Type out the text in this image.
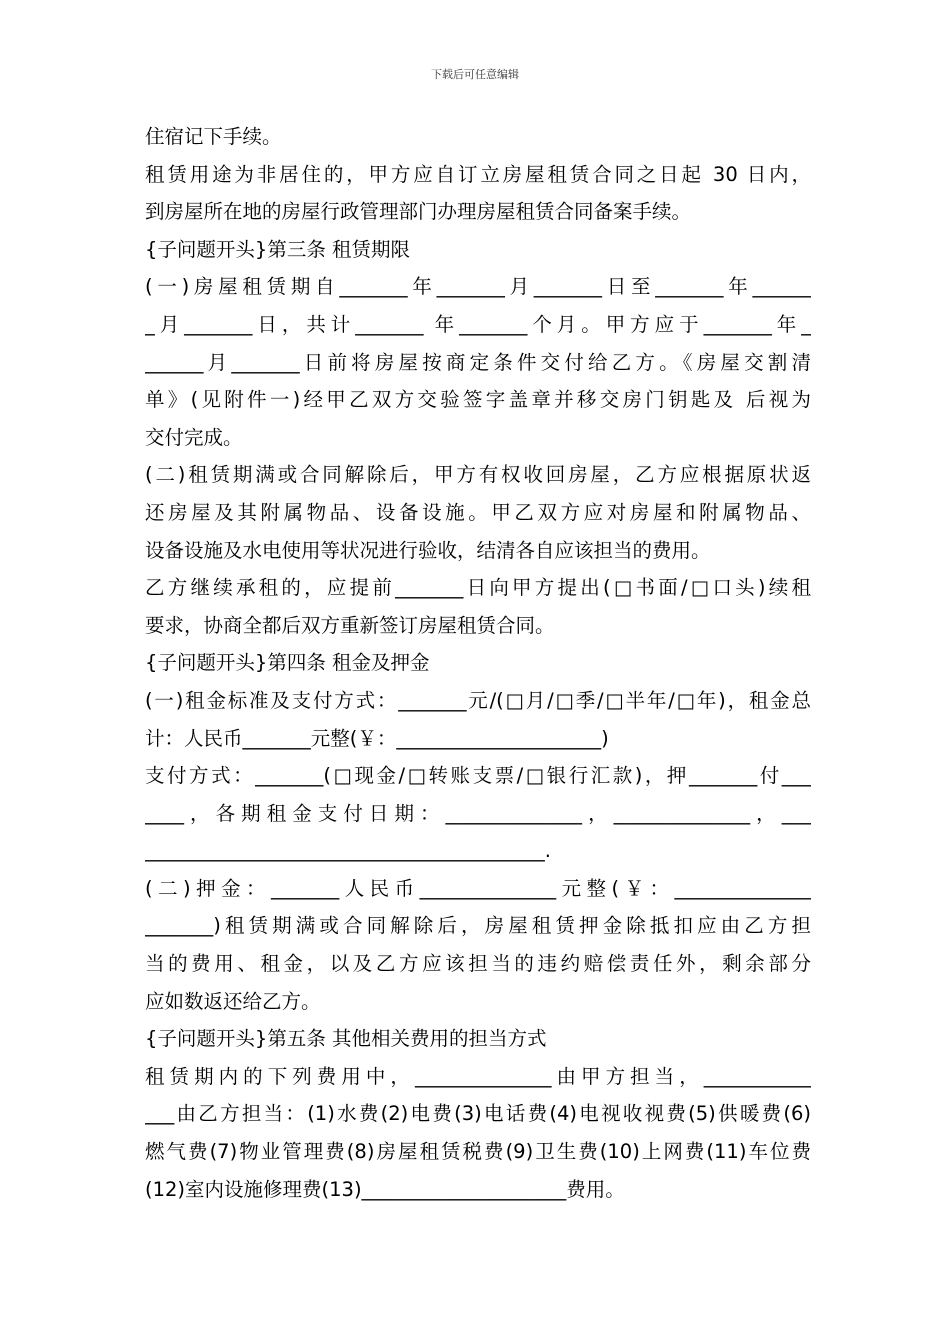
下载后可任意编辑
住宿记下手续。
租赁用途为非居住的，甲方应自订立房屋租赁合同之日起 30 日内，
到房屋所在地的房屋行政管理部门办理房屋租赁合同备案手续。
{子问题开头}第三条 租赁期限
(一)房屋租赁期自_______年_______月_______日至_______年______
_月_______日，共计_______ 年_______个月。甲方应于_______年_
______月_______日前将房屋按商定条件交付给乙方。《房屋交割清
单》(见附件一)经甲乙双方交验签字盖章并移交房门钥匙及 后视为
交付完成。
(二)租赁期满或合同解除后，甲方有权收回房屋，乙方应根据原状返
还房屋及其附属物品、设备设施。甲乙双方应对房屋和附属物品、
设备设施及水电使用等状况进行验收，结清各自应该担当的费用。
乙方继续承租的，应提前_______日向甲方提出(□书面/□口头)续租
要求，协商全都后双方重新签订房屋租赁合同。
{子问题开头}第四条 租金及押金
(一)租金标准及支付方式：_______元/(□月/□季/□半年/□年)，租金总
计：人民币_______元整(￥：_____________________)
支付方式：_______(□现金/□转账支票/□银行汇款)，押_______付___
____，各期租金支付日期：______________，______________，___
_________________________________________.
(二)押金：_______人民币______________元整(￥：______________
_______)租赁期满或合同解除后，房屋租赁押金除抵扣应由乙方担
当的费用、租金，以及乙方应该担当的违约赔偿责任外，剩余部分
应如数返还给乙方。
{子问题开头}第五条 其他相关费用的担当方式
租赁期内的下列费用中，______________由甲方担当，___________
___由乙方担当：(1)水费(2)电费(3)电话费(4)电视收视费(5)供暖费(6)
燃气费(7)物业管理费(8)房屋租赁税费(9)卫生费(10)上网费(11)车位费
(12)室内设施修理费(13)_____________________费用。
